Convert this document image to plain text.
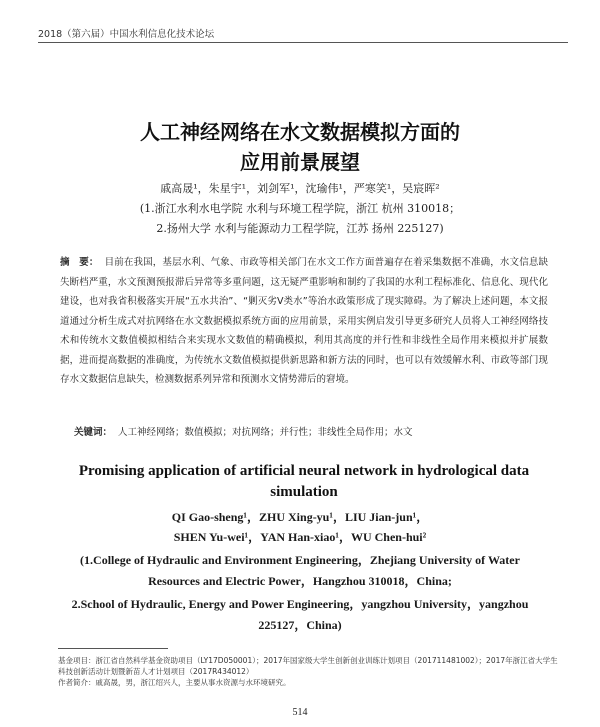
2018（第六届）中国水利信息化技术论坛
人工神经网络在水文数据模拟方面的
应用前景展望
戚高晟¹，朱星宇¹，刘剑军¹，沈瑜伟¹，严寒笑¹，吴宸晖²
(1.浙江水利水电学院 水利与环境工程学院，浙江 杭州 310018；
2.扬州大学 水利与能源动力工程学院，江苏 扬州 225127)
摘　要： 目前在我国，基层水利、气象、市政等相关部门在水文工作方面普遍存在着采集数据不准确，水文信息缺失断档严重，水文预测预报滞后异常等多重问题，这无疑严重影响和制约了我国的水利工程标准化、信息化、现代化建设，也对我省积极落实开展“五水共治”、“剿灭劣V类水”等治水政策形成了现实障碍。为了解决上述问题，本文报道通过分析生成式对抗网络在水文数据模拟系统方面的应用前景，采用实例启发引导更多研究人员将人工神经网络技术和传统水文数值模拟相结合来实现水文数值的精确模拟，利用其高度的并行性和非线性全局作用来模拟并扩展数据，进而提高数据的准确度，为传统水文数值模拟提供新思路和新方法的同时，也可以有效缓解水利、市政等部门现存水文数据信息缺失，检测数据系列异常和预测水文情势滞后的窘境。
关键词： 人工神经网络；数值模拟；对抗网络；并行性；非线性全局作用；水文
Promising application of artificial neural network in hydrological data
simulation
QI Gao-sheng¹，ZHU Xing-yu¹，LIU Jian-jun¹，
SHEN Yu-wei¹，YAN Han-xiao¹，WU Chen-hui²
(1.College of Hydraulic and Environment Engineering，Zhejiang University of Water
Resources and Electric Power，Hangzhou 310018，China;
2.School of Hydraulic, Energy and Power Engineering，yangzhou University，yangzhou
225127，China)
基金项目：浙江省自然科学基金资助项目（LY17D050001）；2017年国家级大学生创新创业训练计划项目（201711481002）；2017年浙江省大学生科技创新活动计划暨新苗人才计划项目（2017R434012）
作者简介：戚高晟，男，浙江绍兴人，主要从事水资源与水环境研究。
514
